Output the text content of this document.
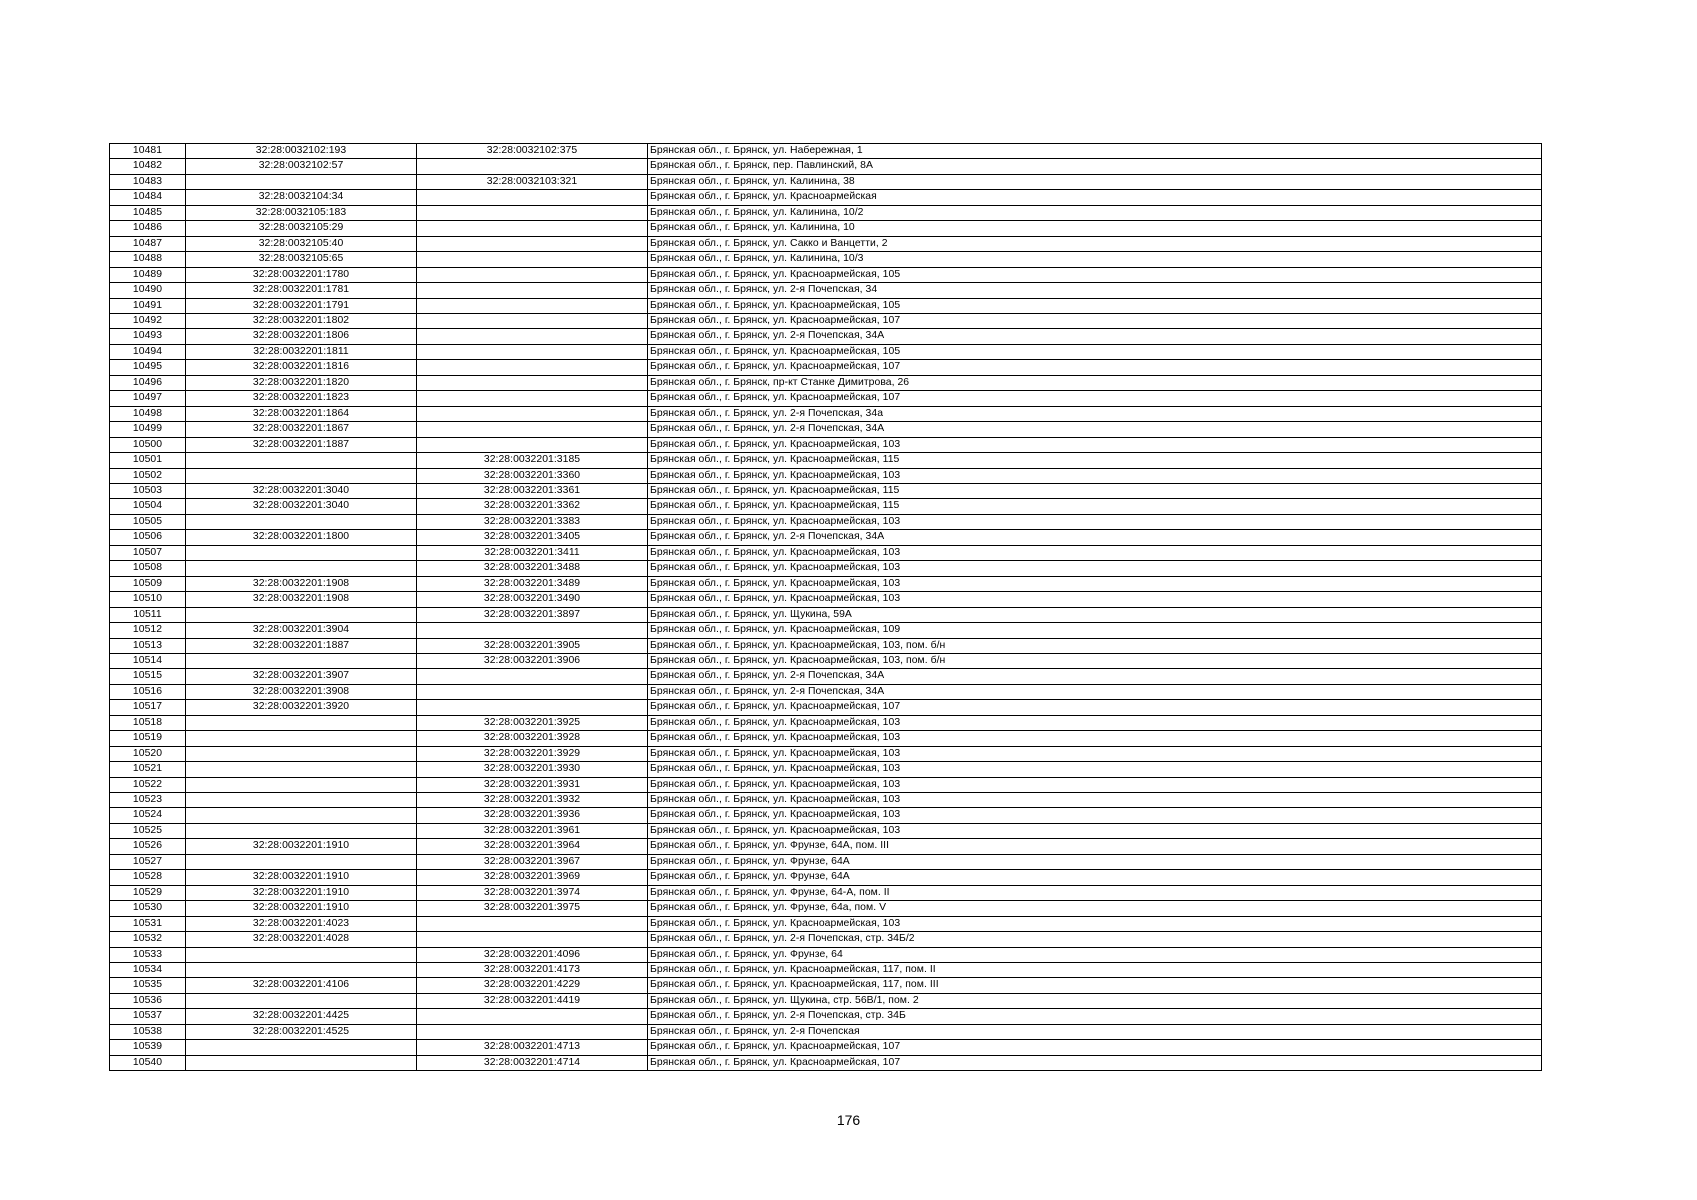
10481	32:28:0032102:193	32:28:0032102:375	Брянская обл., г. Брянск, ул. Набережная, 1
10482	32:28:0032102:57		Брянская обл., г. Брянск, пер. Павлинский, 8А
10483		32:28:0032103:321	Брянская обл., г. Брянск, ул. Калинина, 38
10484	32:28:0032104:34		Брянская обл., г. Брянск, ул. Красноармейская
10485	32:28:0032105:183		Брянская обл., г. Брянск, ул. Калинина, 10/2
10486	32:28:0032105:29		Брянская обл., г. Брянск, ул. Калинина, 10
10487	32:28:0032105:40		Брянская обл., г. Брянск, ул. Сакко и Ванцетти, 2
10488	32:28:0032105:65		Брянская обл., г. Брянск, ул. Калинина, 10/3
10489	32:28:0032201:1780		Брянская обл., г. Брянск, ул. Красноармейская, 105
10490	32:28:0032201:1781		Брянская обл., г. Брянск, ул. 2-я Почепская, 34
10491	32:28:0032201:1791		Брянская обл., г. Брянск, ул. Красноармейская, 105
10492	32:28:0032201:1802		Брянская обл., г. Брянск, ул. Красноармейская, 107
10493	32:28:0032201:1806		Брянская обл., г. Брянск, ул. 2-я Почепская, 34А
10494	32:28:0032201:1811		Брянская обл., г. Брянск, ул. Красноармейская, 105
10495	32:28:0032201:1816		Брянская обл., г. Брянск, ул. Красноармейская, 107
10496	32:28:0032201:1820		Брянская обл., г. Брянск, пр-кт Станке Димитрова, 26
10497	32:28:0032201:1823		Брянская обл., г. Брянск, ул. Красноармейская, 107
10498	32:28:0032201:1864		Брянская обл., г. Брянск, ул. 2-я Почепская, 34а
10499	32:28:0032201:1867		Брянская обл., г. Брянск, ул. 2-я Почепская, 34А
10500	32:28:0032201:1887		Брянская обл., г. Брянск, ул. Красноармейская, 103
10501		32:28:0032201:3185	Брянская обл., г. Брянск, ул. Красноармейская, 115
10502		32:28:0032201:3360	Брянская обл., г. Брянск, ул. Красноармейская, 103
10503	32:28:0032201:3040	32:28:0032201:3361	Брянская обл., г. Брянск, ул. Красноармейская, 115
10504	32:28:0032201:3040	32:28:0032201:3362	Брянская обл., г. Брянск, ул. Красноармейская, 115
10505		32:28:0032201:3383	Брянская обл., г. Брянск, ул. Красноармейская, 103
10506	32:28:0032201:1800	32:28:0032201:3405	Брянская обл., г. Брянск, ул. 2-я Почепская, 34А
10507		32:28:0032201:3411	Брянская обл., г. Брянск, ул. Красноармейская, 103
10508		32:28:0032201:3488	Брянская обл., г. Брянск, ул. Красноармейская, 103
10509	32:28:0032201:1908	32:28:0032201:3489	Брянская обл., г. Брянск, ул. Красноармейская, 103
10510	32:28:0032201:1908	32:28:0032201:3490	Брянская обл., г. Брянск, ул. Красноармейская, 103
10511		32:28:0032201:3897	Брянская обл., г. Брянск, ул. Щукина, 59А
10512	32:28:0032201:3904		Брянская обл., г. Брянск, ул. Красноармейская, 109
10513	32:28:0032201:1887	32:28:0032201:3905	Брянская обл., г. Брянск, ул. Красноармейская, 103, пом. б/н
10514		32:28:0032201:3906	Брянская обл., г. Брянск, ул. Красноармейская, 103, пом. б/н
10515	32:28:0032201:3907		Брянская обл., г. Брянск, ул. 2-я Почепская, 34А
10516	32:28:0032201:3908		Брянская обл., г. Брянск, ул. 2-я Почепская, 34А
10517	32:28:0032201:3920		Брянская обл., г. Брянск, ул. Красноармейская, 107
10518		32:28:0032201:3925	Брянская обл., г. Брянск, ул. Красноармейская, 103
10519		32:28:0032201:3928	Брянская обл., г. Брянск, ул. Красноармейская, 103
10520		32:28:0032201:3929	Брянская обл., г. Брянск, ул. Красноармейская, 103
10521		32:28:0032201:3930	Брянская обл., г. Брянск, ул. Красноармейская, 103
10522		32:28:0032201:3931	Брянская обл., г. Брянск, ул. Красноармейская, 103
10523		32:28:0032201:3932	Брянская обл., г. Брянск, ул. Красноармейская, 103
10524		32:28:0032201:3936	Брянская обл., г. Брянск, ул. Красноармейская, 103
10525		32:28:0032201:3961	Брянская обл., г. Брянск, ул. Красноармейская, 103
10526	32:28:0032201:1910	32:28:0032201:3964	Брянская обл., г. Брянск, ул. Фрунзе, 64А, пом. III
10527		32:28:0032201:3967	Брянская обл., г. Брянск, ул. Фрунзе, 64А
10528	32:28:0032201:1910	32:28:0032201:3969	Брянская обл., г. Брянск, ул. Фрунзе, 64А
10529	32:28:0032201:1910	32:28:0032201:3974	Брянская обл., г. Брянск, ул. Фрунзе, 64-А, пом. II
10530	32:28:0032201:1910	32:28:0032201:3975	Брянская обл., г. Брянск, ул. Фрунзе, 64а, пом. V
10531	32:28:0032201:4023		Брянская обл., г. Брянск, ул. Красноармейская, 103
10532	32:28:0032201:4028		Брянская обл., г. Брянск, ул. 2-я Почепская, стр. 34Б/2
10533		32:28:0032201:4096	Брянская обл., г. Брянск, ул. Фрунзе, 64
10534		32:28:0032201:4173	Брянская обл., г. Брянск, ул. Красноармейская, 117, пом. II
10535	32:28:0032201:4106	32:28:0032201:4229	Брянская обл., г. Брянск, ул. Красноармейская, 117, пом. III
10536		32:28:0032201:4419	Брянская обл., г. Брянск, ул. Щукина, стр. 56В/1, пом. 2
10537	32:28:0032201:4425		Брянская обл., г. Брянск, ул. 2-я Почепская, стр. 34Б
10538	32:28:0032201:4525		Брянская обл., г. Брянск, ул. 2-я Почепская
10539		32:28:0032201:4713	Брянская обл., г. Брянск, ул. Красноармейская, 107
10540		32:28:0032201:4714	Брянская обл., г. Брянск, ул. Красноармейская, 107
176
